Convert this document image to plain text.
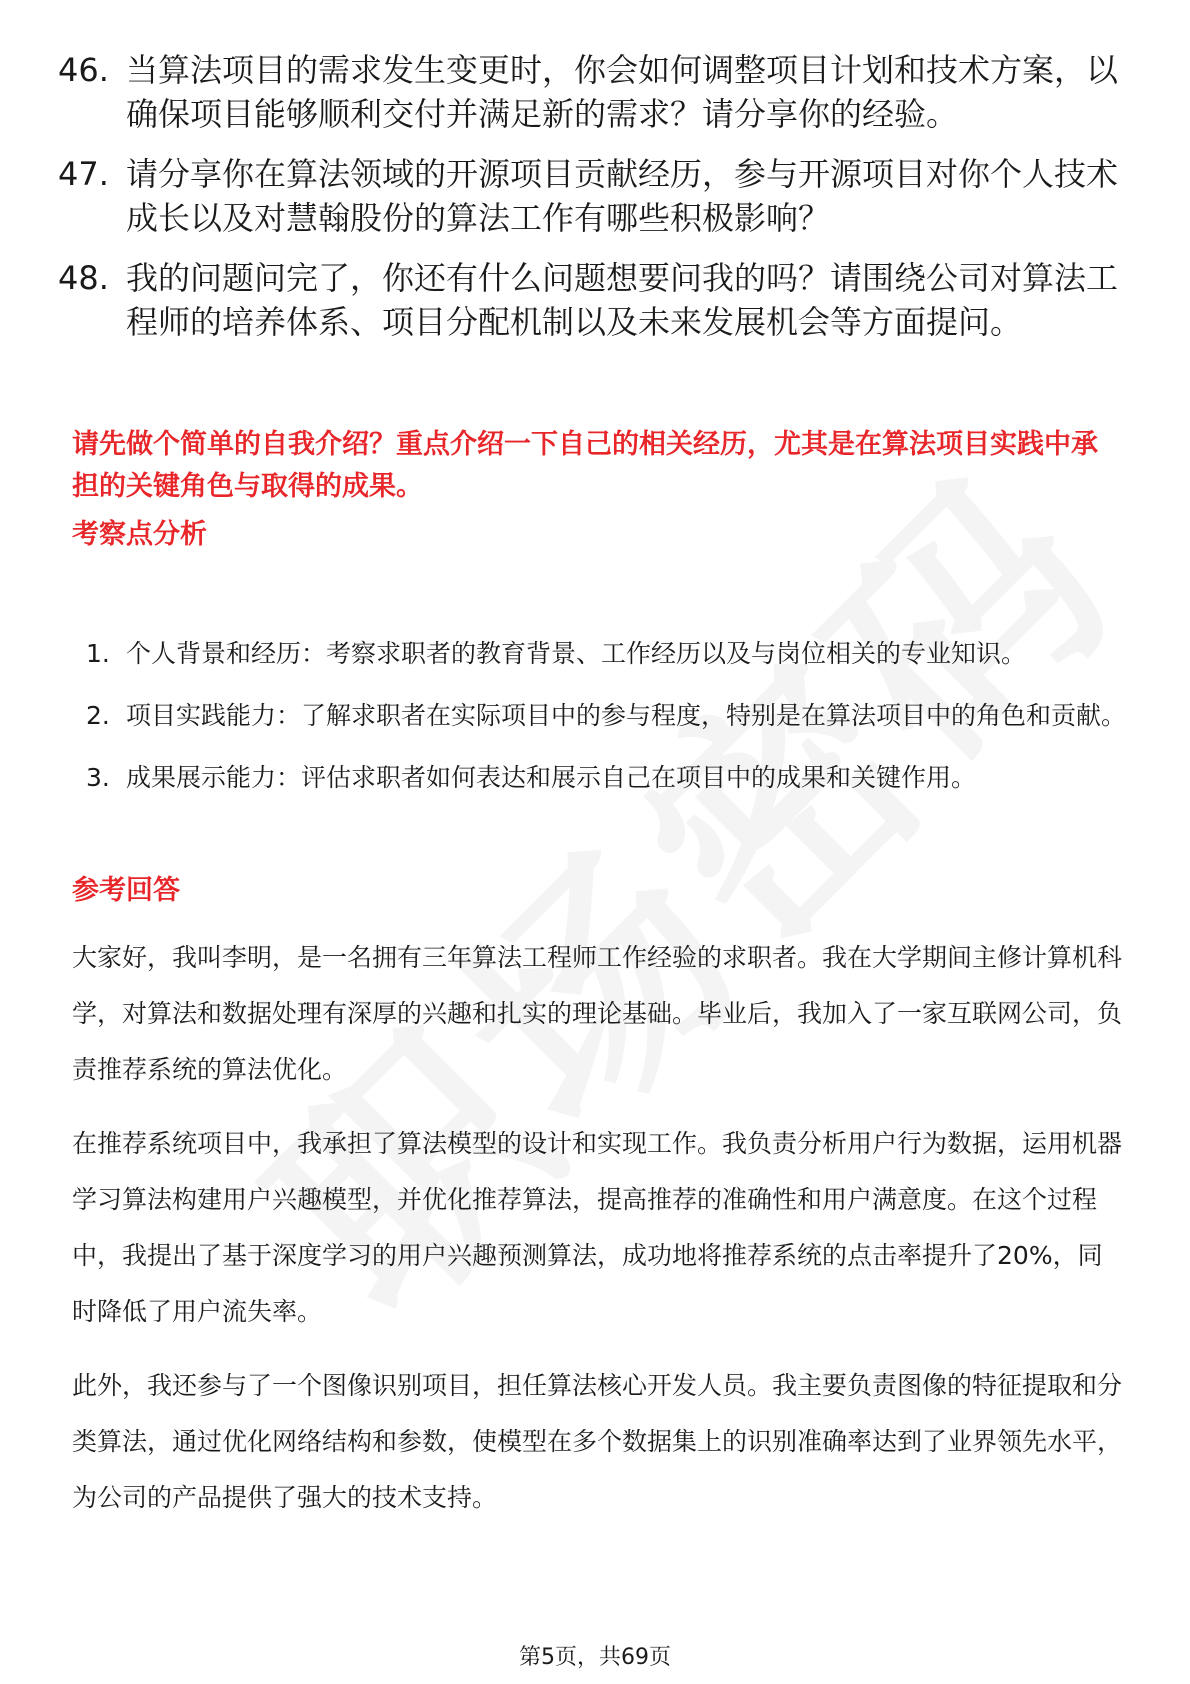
46. 当算法项目的需求发生变更时，你会如何调整项目计划和技术方案，以确保项目能够顺利交付并满足新的需求？请分享你的经验。
47. 请分享你在算法领域的开源项目贡献经历，参与开源项目对你个人技术成长以及对慧翰股份的算法工作有哪些积极影响？
48. 我的问题问完了，你还有什么问题想要问我的吗？请围绕公司对算法工程师的培养体系、项目分配机制以及未来发展机会等方面提问。
请先做个简单的自我介绍？重点介绍一下自己的相关经历，尤其是在算法项目实践中承担的关键角色与取得的成果。
考察点分析
1. 个人背景和经历：考察求职者的教育背景、工作经历以及与岗位相关的专业知识。
2. 项目实践能力：了解求职者在实际项目中的参与程度，特别是在算法项目中的角色和贡献。
3. 成果展示能力：评估求职者如何表达和展示自己在项目中的成果和关键作用。
参考回答

大家好，我叫李明，是一名拥有三年算法工程师工作经验的求职者。我在大学期间主修计算机科学，对算法和数据处理有深厚的兴趣和扎实的理论基础。毕业后，我加入了一家互联网公司，负责推荐系统的算法优化。

在推荐系统项目中，我承担了算法模型的设计和实现工作。我负责分析用户行为数据，运用机器学习算法构建用户兴趣模型，并优化推荐算法，提高推荐的准确性和用户满意度。在这个过程中，我提出了基于深度学习的用户兴趣预测算法，成功地将推荐系统的点击率提升了20%，同时降低了用户流失率。

此外，我还参与了一个图像识别项目，担任算法核心开发人员。我主要负责图像的特征提取和分类算法，通过优化网络结构和参数，使模型在多个数据集上的识别准确率达到了业界领先水平，为公司的产品提供了强大的技术支持。

第5页，共69页
